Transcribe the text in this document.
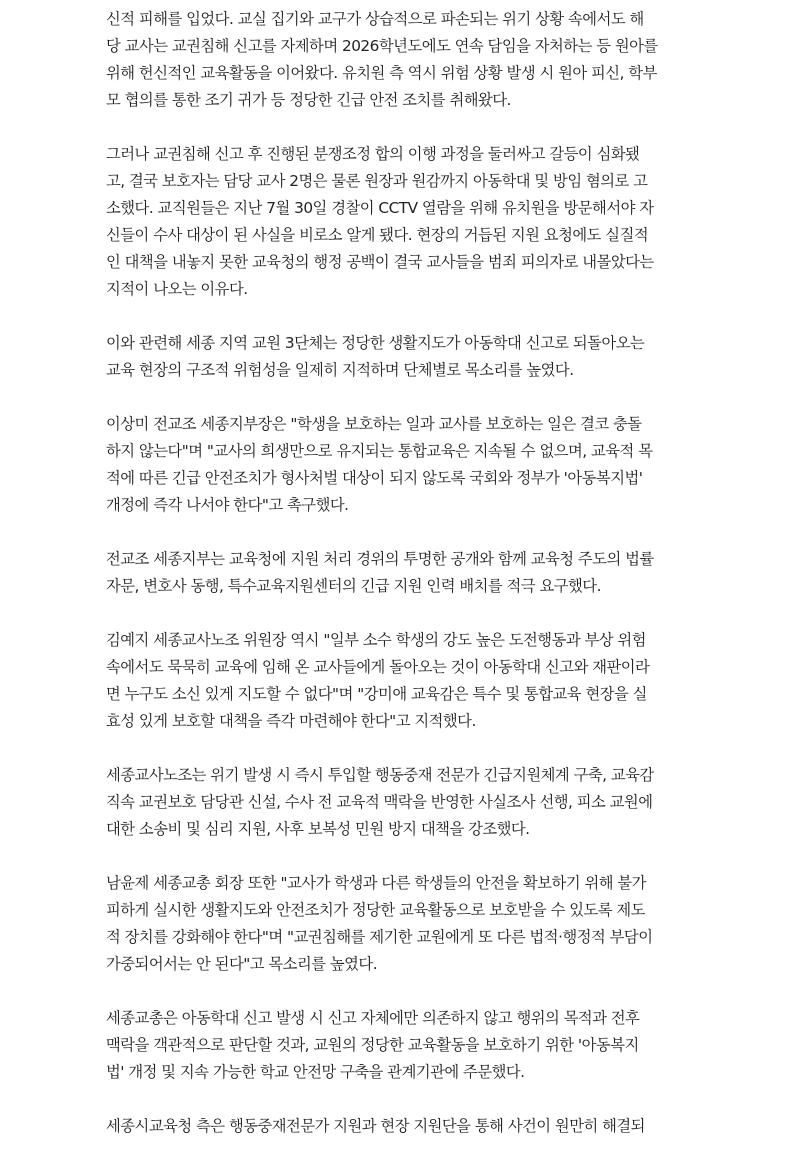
신적 피해를 입었다. 교실 집기와 교구가 상습적으로 파손되는 위기 상황 속에서도 해
당 교사는 교권침해 신고를 자제하며 2026학년도에도 연속 담임을 자처하는 등 원아를
위해 헌신적인 교육활동을 이어왔다. 유치원 측 역시 위험 상황 발생 시 원아 피신, 학부
모 협의를 통한 조기 귀가 등 정당한 긴급 안전 조치를 취해왔다.

그러나 교권침해 신고 후 진행된 분쟁조정 합의 이행 과정을 둘러싸고 갈등이 심화됐
고, 결국 보호자는 담당 교사 2명은 물론 원장과 원감까지 아동학대 및 방임 혐의로 고
소했다. 교직원들은 지난 7월 30일 경찰이 CCTV 열람을 위해 유치원을 방문해서야 자
신들이 수사 대상이 된 사실을 비로소 알게 됐다. 현장의 거듭된 지원 요청에도 실질적
인 대책을 내놓지 못한 교육청의 행정 공백이 결국 교사들을 범죄 피의자로 내몰았다는
지적이 나오는 이유다.

이와 관련해 세종 지역 교원 3단체는 정당한 생활지도가 아동학대 신고로 되돌아오는
교육 현장의 구조적 위험성을 일제히 지적하며 단체별로 목소리를 높였다.

이상미 전교조 세종지부장은 "학생을 보호하는 일과 교사를 보호하는 일은 결코 충돌
하지 않는다"며 "교사의 희생만으로 유지되는 통합교육은 지속될 수 없으며, 교육적 목
적에 따른 긴급 안전조치가 형사처벌 대상이 되지 않도록 국회와 정부가 '아동복지법'
개정에 즉각 나서야 한다"고 촉구했다.

전교조 세종지부는 교육청에 지원 처리 경위의 투명한 공개와 함께 교육청 주도의 법률
자문, 변호사 동행, 특수교육지원센터의 긴급 지원 인력 배치를 적극 요구했다.

김예지 세종교사노조 위원장 역시 "일부 소수 학생의 강도 높은 도전행동과 부상 위험
속에서도 묵묵히 교육에 임해 온 교사들에게 돌아오는 것이 아동학대 신고와 재판이라
면 누구도 소신 있게 지도할 수 없다"며 "강미애 교육감은 특수 및 통합교육 현장을 실
효성 있게 보호할 대책을 즉각 마련해야 한다"고 지적했다.

세종교사노조는 위기 발생 시 즉시 투입할 행동중재 전문가 긴급지원체계 구축, 교육감
직속 교권보호 담당관 신설, 수사 전 교육적 맥락을 반영한 사실조사 선행, 피소 교원에
대한 소송비 및 심리 지원, 사후 보복성 민원 방지 대책을 강조했다.

남윤제 세종교총 회장 또한 "교사가 학생과 다른 학생들의 안전을 확보하기 위해 불가
피하게 실시한 생활지도와 안전조치가 정당한 교육활동으로 보호받을 수 있도록 제도
적 장치를 강화해야 한다"며 "교권침해를 제기한 교원에게 또 다른 법적·행정적 부담이
가중되어서는 안 된다"고 목소리를 높였다.

세종교총은 아동학대 신고 발생 시 신고 자체에만 의존하지 않고 행위의 목적과 전후
맥락을 객관적으로 판단할 것과, 교원의 정당한 교육활동을 보호하기 위한 '아동복지
법' 개정 및 지속 가능한 학교 안전망 구축을 관계기관에 주문했다.

세종시교육청 측은 행동중재전문가 지원과 현장 지원단을 통해 사건이 원만히 해결되
